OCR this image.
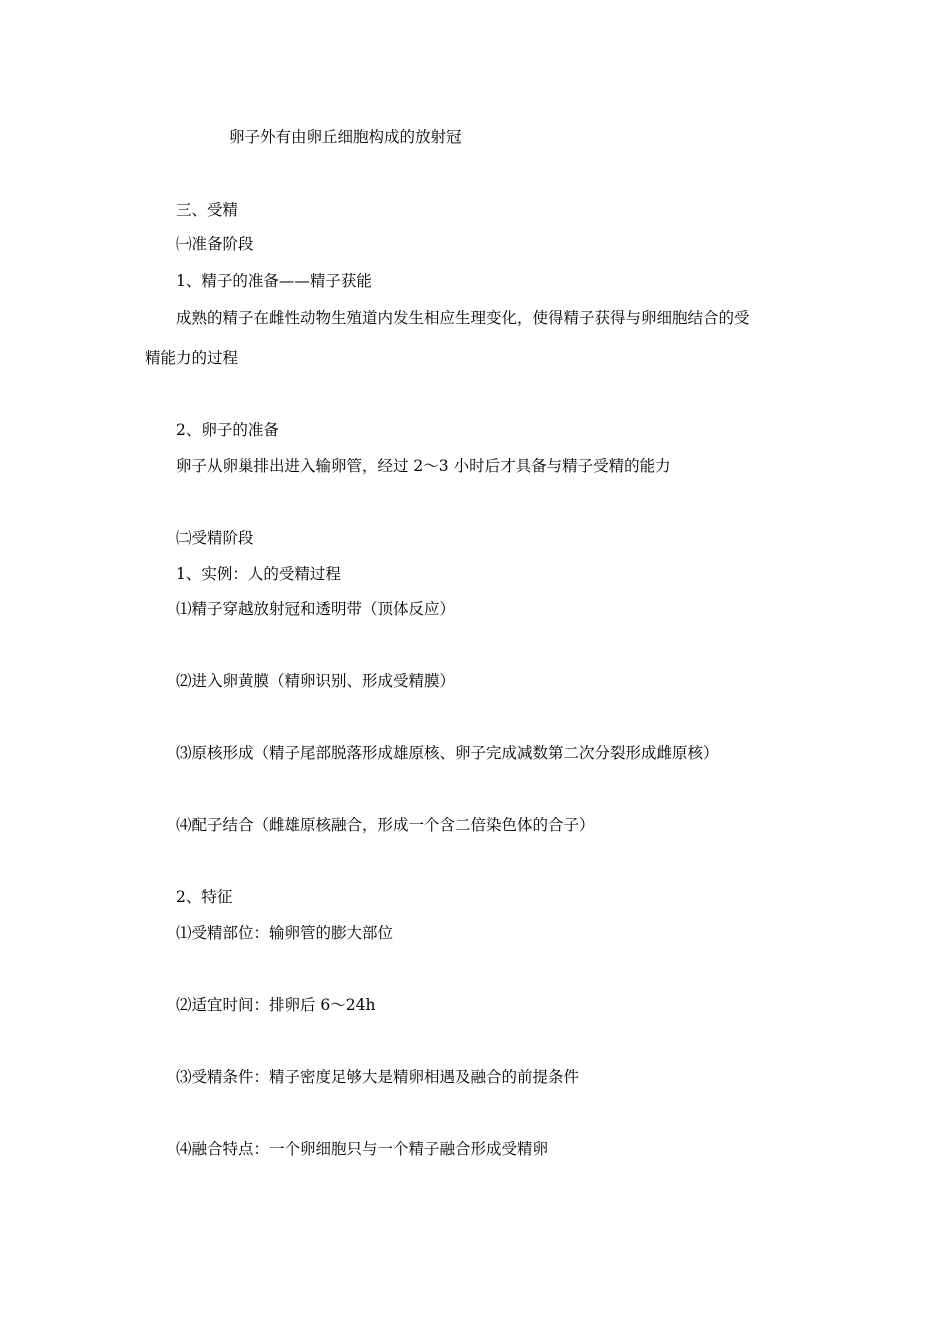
卵子外有由卵丘细胞构成的放射冠
三、受精
㈠准备阶段
1、精子的准备——精子获能
成熟的精子在雌性动物生殖道内发生相应生理变化，使得精子获得与卵细胞结合的受
精能力的过程
2、卵子的准备
卵子从卵巢排出进入输卵管，经过 2～3 小时后才具备与精子受精的能力
㈡受精阶段
1、实例：人的受精过程
⑴精子穿越放射冠和透明带（顶体反应）
⑵进入卵黄膜（精卵识别、形成受精膜）
⑶原核形成（精子尾部脱落形成雄原核、卵子完成减数第二次分裂形成雌原核）
⑷配子结合（雌雄原核融合，形成一个含二倍染色体的合子）
2、特征
⑴受精部位：输卵管的膨大部位
⑵适宜时间：排卵后 6～24h
⑶受精条件：精子密度足够大是精卵相遇及融合的前提条件
⑷融合特点：一个卵细胞只与一个精子融合形成受精卵
